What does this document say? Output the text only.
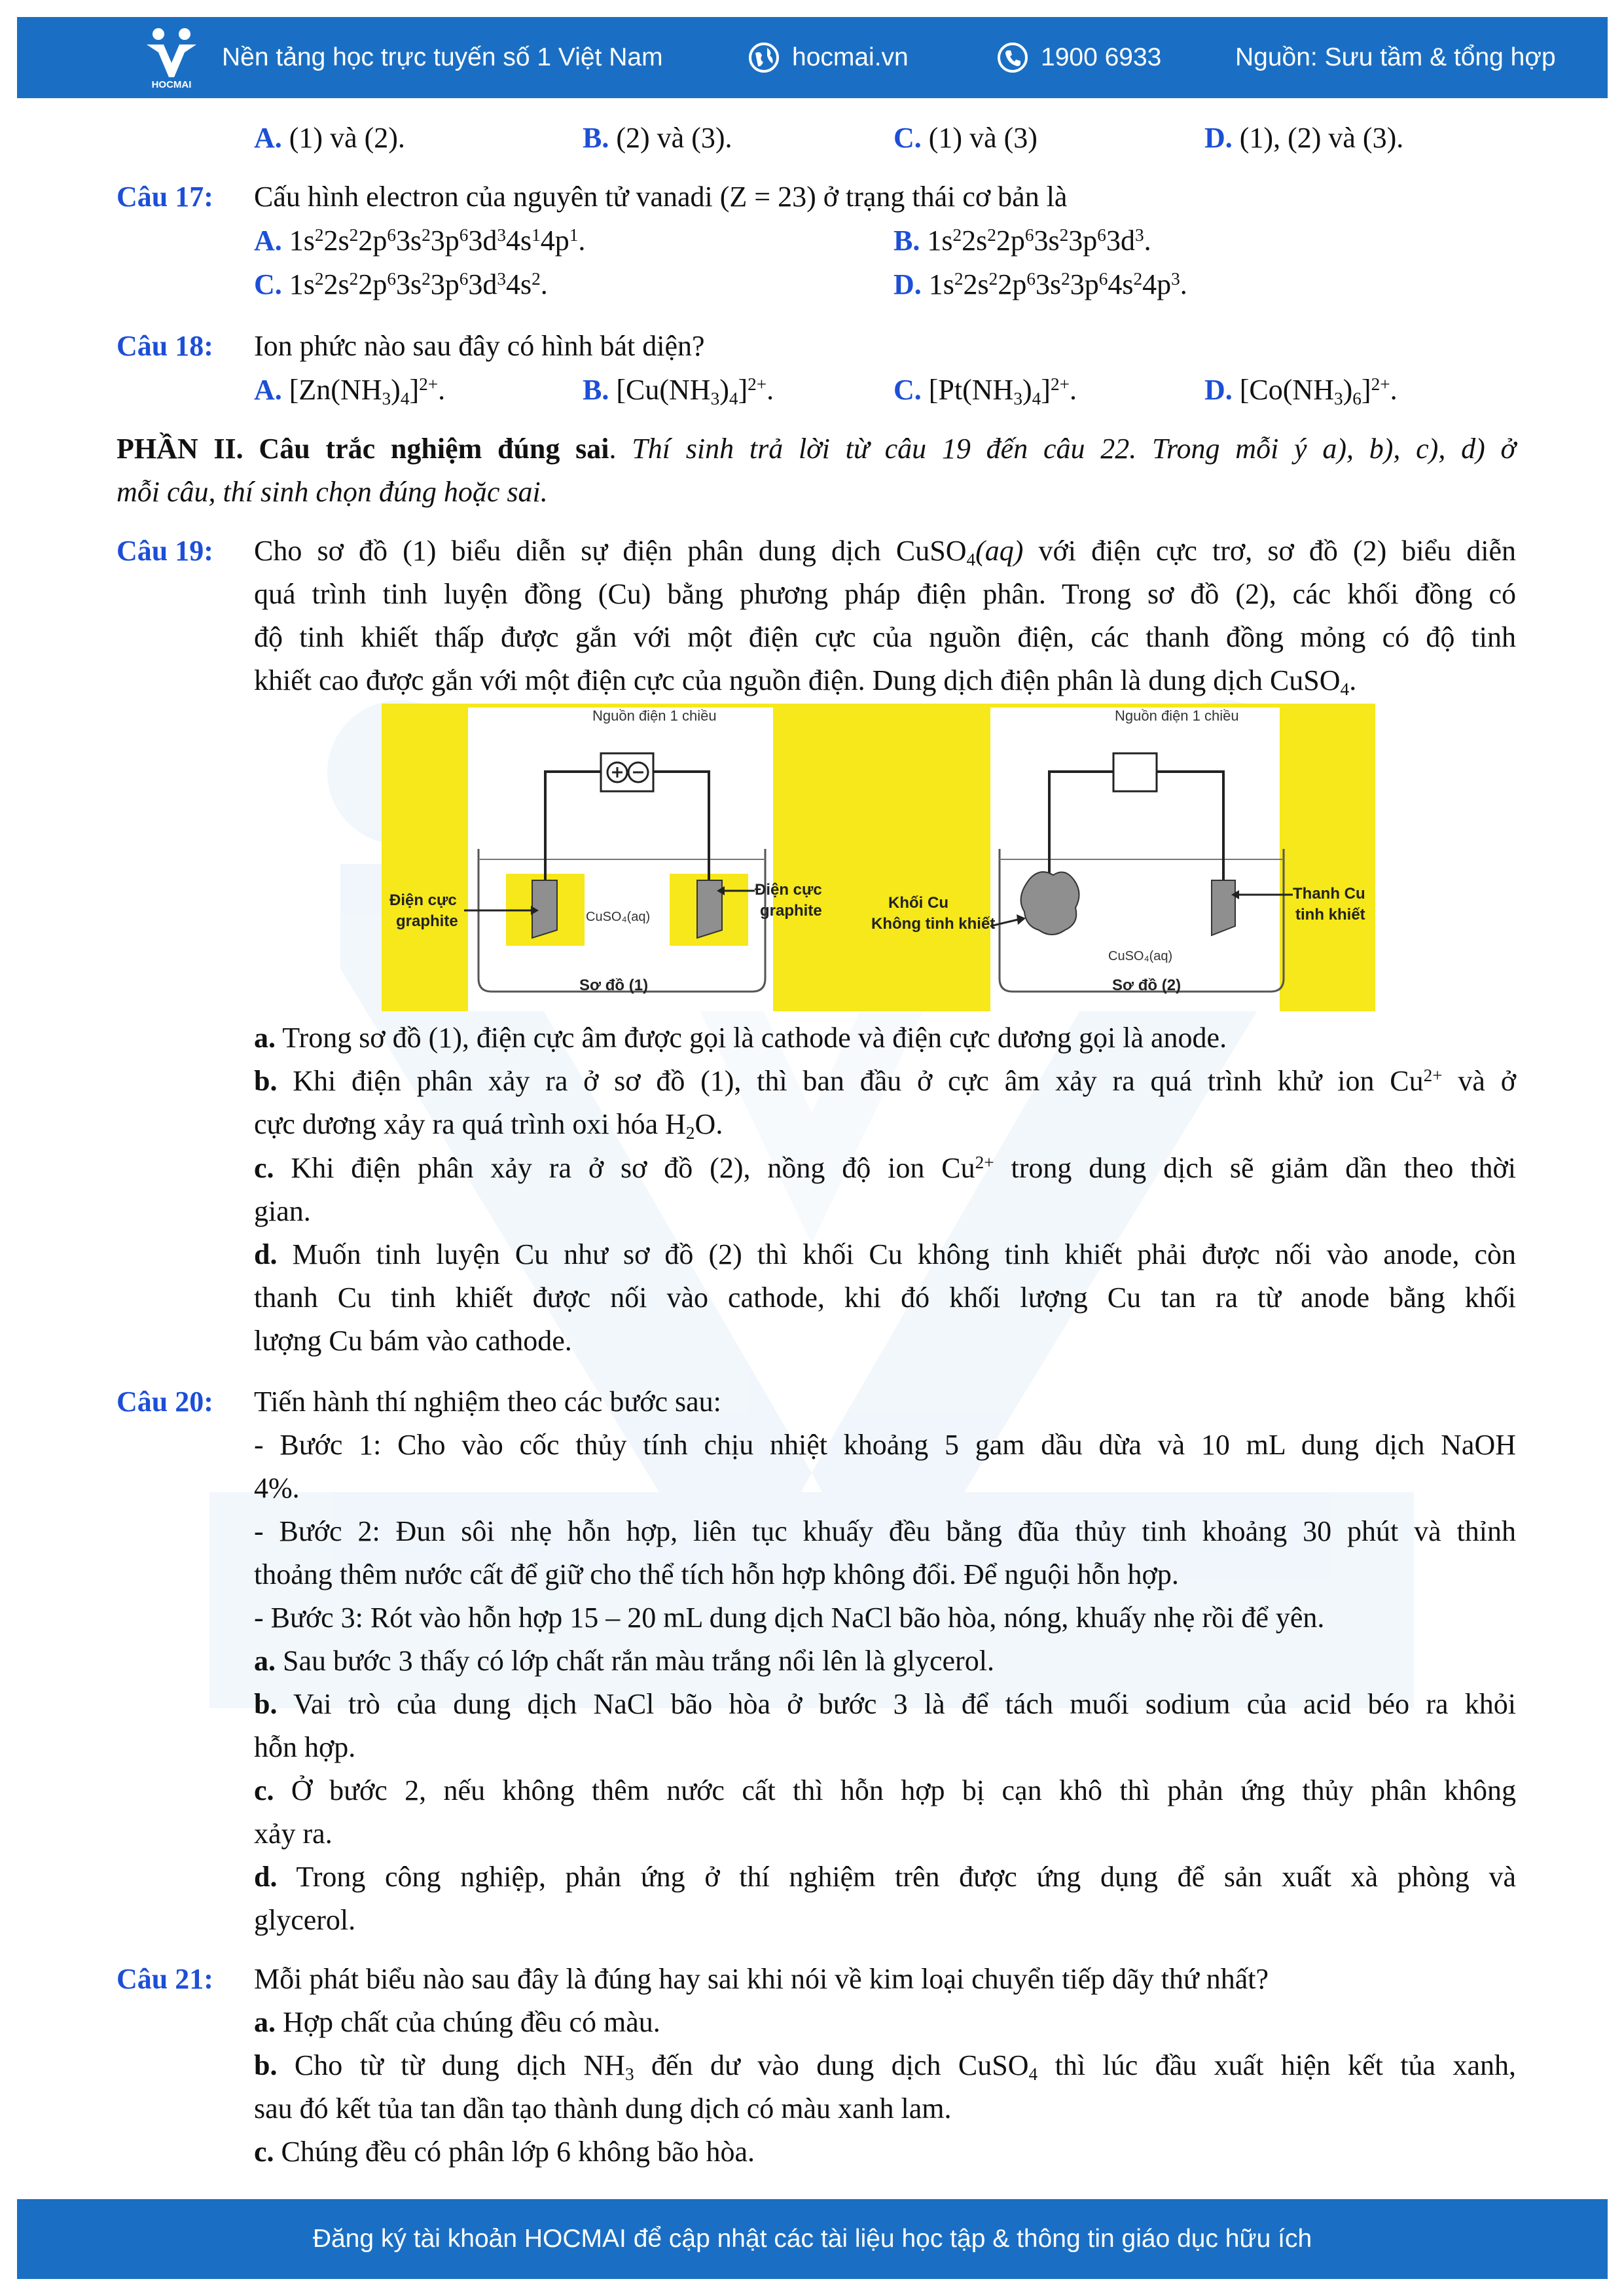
HOCMAI
Nền tảng học trực tuyến số 1 Việt Nam	hocmai.vn	1900 6933	Nguồn: Sưu tầm & tổng hợp
A. (1) và (2).	B. (2) và (3).	C. (1) và (3)	D. (1), (2) và (3).
Câu 17: Cấu hình electron của nguyên tử vanadi (Z = 23) ở trạng thái cơ bản là
A. $1s^22s^22p^63s^23p^63d^34s^14p^1$.	B. $1s^22s^22p^63s^23p^63d^3$.
C. $1s^22s^22p^63s^23p^63d^34s^2$.	D. $1s^22s^22p^63s^23p^64s^24p^3$.
Câu 18: Ion phức nào sau đây có hình bát diện?
A. $[Zn(NH_3)_4]^{2+}$.	B. $[Cu(NH_3)_4]^{2+}$.	C. $[Pt(NH_3)_4]^{2+}$.	D. $[Co(NH_3)_6]^{2+}$.
PHẦN II. Câu trắc nghiệm đúng sai. Thí sinh trả lời từ câu 19 đến câu 22. Trong mỗi ý a), b), c), d) ở
mỗi câu, thí sinh chọn đúng hoặc sai.
Câu 19: Cho sơ đồ (1) biểu diễn sự điện phân dung dịch CuSO$_4$(aq) với điện cực trơ, sơ đồ (2) biểu diễn
quá trình tinh luyện đồng (Cu) bằng phương pháp điện phân. Trong sơ đồ (2), các khối đồng có
độ tinh khiết thấp được gắn với một điện cực của nguồn điện, các thanh đồng mỏng có độ tinh
khiết cao được gắn với một điện cực của nguồn điện. Dung dịch điện phân là dung dịch CuSO$_4$.
Nguồn điện 1 chiều
Điện cực
graphite
Điện cực
graphite
CuSO₄(aq)
Sơ đồ (1)
Nguồn điện 1 chiều
Khối Cu
Không tinh khiết
Thanh Cu
tinh khiết
CuSO₄(aq)
Sơ đồ (2)
a. Trong sơ đồ (1), điện cực âm được gọi là cathode và điện cực dương gọi là anode.
b. Khi điện phân xảy ra ở sơ đồ (1), thì ban đầu ở cực âm xảy ra quá trình khử ion $Cu^{2+}$ và ở
cực dương xảy ra quá trình oxi hóa $H_2O$.
c. Khi điện phân xảy ra ở sơ đồ (2), nồng độ ion $Cu^{2+}$ trong dung dịch sẽ giảm dần theo thời
gian.
d. Muốn tinh luyện Cu như sơ đồ (2) thì khối Cu không tinh khiết phải được nối vào anode, còn
thanh Cu tinh khiết được nối vào cathode, khi đó khối lượng Cu tan ra từ anode bằng khối
lượng Cu bám vào cathode.
Câu 20: Tiến hành thí nghiệm theo các bước sau:
- Bước 1: Cho vào cốc thủy tính chịu nhiệt khoảng 5 gam dầu dừa và 10 mL dung dịch NaOH
4%.
- Bước 2: Đun sôi nhẹ hỗn hợp, liên tục khuấy đều bằng đũa thủy tinh khoảng 30 phút và thỉnh
thoảng thêm nước cất để giữ cho thể tích hỗn hợp không đổi. Để nguội hỗn hợp.
- Bước 3: Rót vào hỗn hợp 15 – 20 mL dung dịch NaCl bão hòa, nóng, khuấy nhẹ rồi để yên.
a. Sau bước 3 thấy có lớp chất rắn màu trắng nổi lên là glycerol.
b. Vai trò của dung dịch NaCl bão hòa ở bước 3 là để tách muối sodium của acid béo ra khỏi
hỗn hợp.
c. Ở bước 2, nếu không thêm nước cất thì hỗn hợp bị cạn khô thì phản ứng thủy phân không
xảy ra.
d. Trong công nghiệp, phản ứng ở thí nghiệm trên được ứng dụng để sản xuất xà phòng và
glycerol.
Câu 21: Mỗi phát biểu nào sau đây là đúng hay sai khi nói về kim loại chuyển tiếp dãy thứ nhất?
a. Hợp chất của chúng đều có màu.
b. Cho từ từ dung dịch $NH_3$ đến dư vào dung dịch CuSO$_4$ thì lúc đầu xuất hiện kết tủa xanh,
sau đó kết tủa tan dần tạo thành dung dịch có màu xanh lam.
c. Chúng đều có phân lớp 6 không bão hòa.
Đăng ký tài khoản HOCMAI để cập nhật các tài liệu học tập & thông tin giáo dục hữu ích
